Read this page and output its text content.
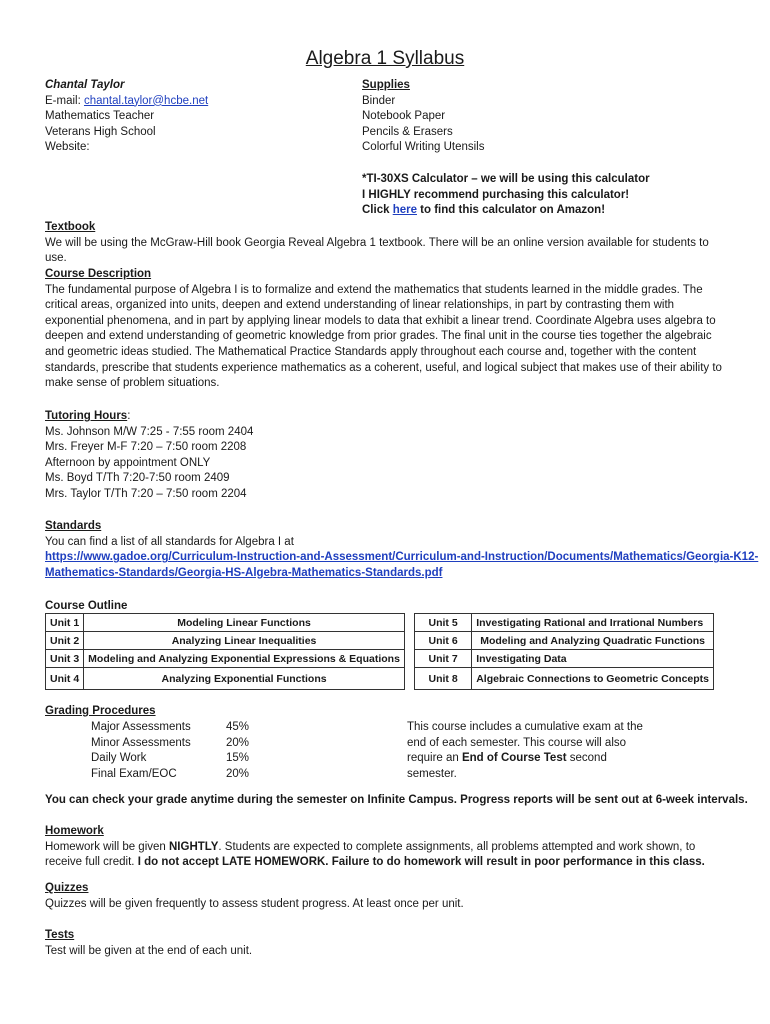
Algebra 1 Syllabus
Chantal Taylor
E-mail: chantal.taylor@hcbe.net
Mathematics Teacher
Veterans High School
Website:
Supplies
Binder
Notebook Paper
Pencils & Erasers
Colorful Writing Utensils
*TI-30XS Calculator – we will be using this calculator
I HIGHLY recommend purchasing this calculator!
Click here to find this calculator on Amazon!
Textbook
We will be using the McGraw-Hill book Georgia Reveal Algebra 1 textbook. There will be an online version available for students to
use.
Course Description
The fundamental purpose of Algebra I is to formalize and extend the mathematics that students learned in the middle grades. The
critical areas, organized into units, deepen and extend understanding of linear relationships, in part by contrasting them with
exponential phenomena, and in part by applying linear models to data that exhibit a linear trend. Coordinate Algebra uses algebra to
deepen and extend understanding of geometric knowledge from prior grades. The final unit in the course ties together the algebraic
and geometric ideas studied. The Mathematical Practice Standards apply throughout each course and, together with the content
standards, prescribe that students experience mathematics as a coherent, useful, and logical subject that makes use of their ability to
make sense of problem situations.
Tutoring Hours:
Ms. Johnson M/W 7:25 - 7:55 room 2404
Mrs. Freyer M-F 7:20 – 7:50 room 2208
Afternoon by appointment ONLY
Ms. Boyd T/Th 7:20-7:50 room 2409
Mrs. Taylor T/Th 7:20 – 7:50 room 2204
Standards
You can find a list of all standards for Algebra I at
https://www.gadoe.org/Curriculum-Instruction-and-Assessment/Curriculum-and-Instruction/Documents/Mathematics/Georgia-K12-
Mathematics-Standards/Georgia-HS-Algebra-Mathematics-Standards.pdf
Course Outline
Unit 1	Modeling Linear Functions
Unit 2	Analyzing Linear Inequalities
Unit 3	Modeling and Analyzing Exponential Expressions & Equations
Unit 4	Analyzing Exponential Functions
Unit 5	Investigating Rational and Irrational Numbers
Unit 6	Modeling and Analyzing Quadratic Functions
Unit 7	Investigating Data
Unit 8	Algebraic Connections to Geometric Concepts
Grading Procedures
Major Assessments	45%
Minor Assessments	20%
Daily Work	15%
Final Exam/EOC	20%
This course includes a cumulative exam at the
end of each semester. This course will also
require an End of Course Test second
semester.
You can check your grade anytime during the semester on Infinite Campus. Progress reports will be sent out at 6-week intervals.
Homework
Homework will be given NIGHTLY. Students are expected to complete assignments, all problems attempted and work shown, to
receive full credit. I do not accept LATE HOMEWORK. Failure to do homework will result in poor performance in this class.
Quizzes
Quizzes will be given frequently to assess student progress. At least once per unit.
Tests
Test will be given at the end of each unit.
